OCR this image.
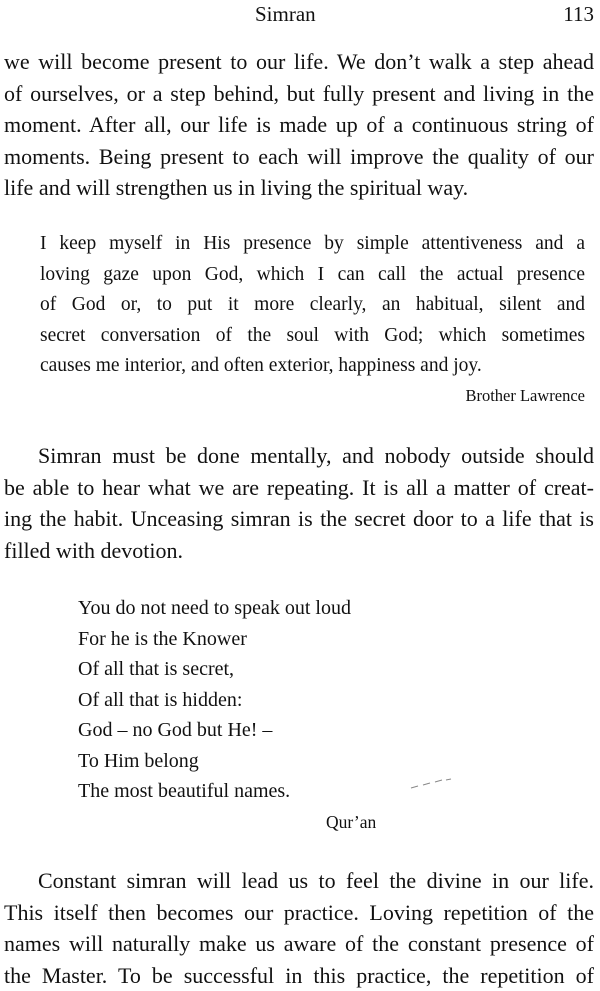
Simran	113

we will become present to our life. We don’t walk a step ahead
of ourselves, or a step behind, but fully present and living in the
moment. After all, our life is made up of a continuous string of
moments. Being present to each will improve the quality of our
life and will strengthen us in living the spiritual way.

I keep myself in His presence by simple attentiveness and a
loving gaze upon God, which I can call the actual presence
of God or, to put it more clearly, an habitual, silent and
secret conversation of the soul with God; which sometimes
causes me interior, and often exterior, happiness and joy.

Brother Lawrence

Simran must be done mentally, and nobody outside should
be able to hear what we are repeating. It is all a matter of creat-
ing the habit. Unceasing simran is the secret door to a life that is
filled with devotion.

You do not need to speak out loud
For he is the Knower
Of all that is secret,
Of all that is hidden:
God – no God but He! –
To Him belong
The most beautiful names.

Qur’an

Constant simran will lead us to feel the divine in our life.
This itself then becomes our practice. Loving repetition of the
names will naturally make us aware of the constant presence of
the Master. To be successful in this practice, the repetition of
